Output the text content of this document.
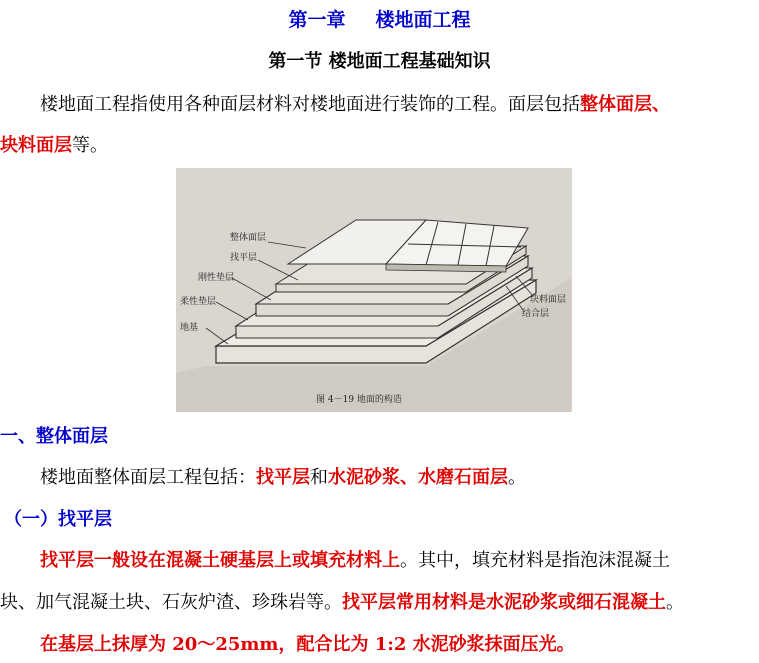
第一章 楼地面工程
第一节 楼地面工程基础知识
楼地面工程指使用各种面层材料对楼地面进行装饰的工程。面层包括整体面层、
块料面层等。
整体面层
找平层
刚性垫层
柔性垫层
地基
块料面层
结合层
图 4－19 地面的构造
一、整体面层
楼地面整体面层工程包括：找平层和水泥砂浆、水磨石面层。
（一）找平层
找平层一般设在混凝土硬基层上或填充材料上。其中，填充材料是指泡沫混凝土
块、加气混凝土块、石灰炉渣、珍珠岩等。找平层常用材料是水泥砂浆或细石混凝土。
在基层上抹厚为 20～25mm，配合比为 1:2 水泥砂浆抹面压光。
